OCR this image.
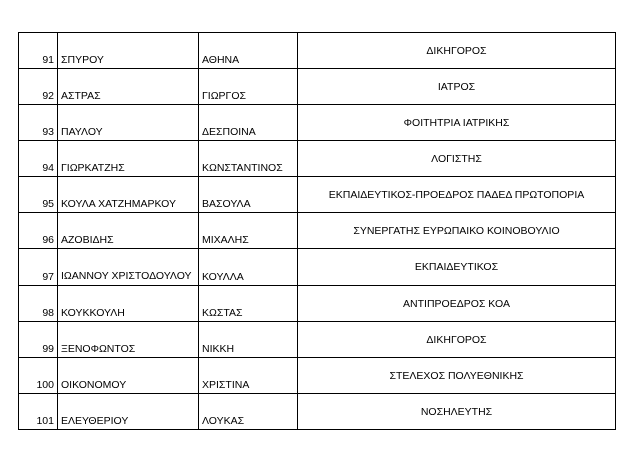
91	ΣΠΥΡΟΥ	ΑΘΗΝΑ	ΔΙΚΗΓΟΡΟΣ
92	ΑΣΤΡΑΣ	ΓΙΩΡΓΟΣ	ΙΑΤΡΟΣ
93	ΠΑΥΛΟΥ	ΔΕΣΠΟΙΝΑ	ΦΟΙΤΗΤΡΙΑ ΙΑΤΡΙΚΗΣ
94	ΓΙΩΡΚΑΤΖΗΣ	ΚΩΝΣΤΑΝΤΙΝΟΣ	ΛΟΓΙΣΤΗΣ
95	ΚΟΥΛΑ ΧΑΤΖΗΜΑΡΚΟΥ	ΒΑΣΟΥΛΑ	ΕΚΠΑΙΔΕΥΤΙΚΟΣ-ΠΡΟΕΔΡΟΣ ΠΑΔΕΔ ΠΡΩΤΟΠΟΡΙΑ
96	ΑΖΟΒΙΔΗΣ	ΜΙΧΑΛΗΣ	ΣΥΝΕΡΓΑΤΗΣ ΕΥΡΩΠΑΙΚΟ ΚΟΙΝΟΒΟΥΛΙΟ
97	ΙΩΑΝΝΟΥ ΧΡΙΣΤΟΔΟΥΛΟΥ	ΚΟΥΛΛΑ	ΕΚΠΑΙΔΕΥΤΙΚΟΣ
98	ΚΟΥΚΚΟΥΛΗ	ΚΩΣΤΑΣ	ΑΝΤΙΠΡΟΕΔΡΟΣ ΚΟΑ
99	ΞΕΝΟΦΩΝΤΟΣ	ΝΙΚΚΗ	ΔΙΚΗΓΟΡΟΣ
100	ΟΙΚΟΝΟΜΟΥ	ΧΡΙΣΤΙΝΑ	ΣΤΕΛΕΧΟΣ ΠΟΛΥΕΘΝΙΚΗΣ
101	ΕΛΕΥΘΕΡΙΟΥ	ΛΟΥΚΑΣ	ΝΟΣΗΛΕΥΤΗΣ
